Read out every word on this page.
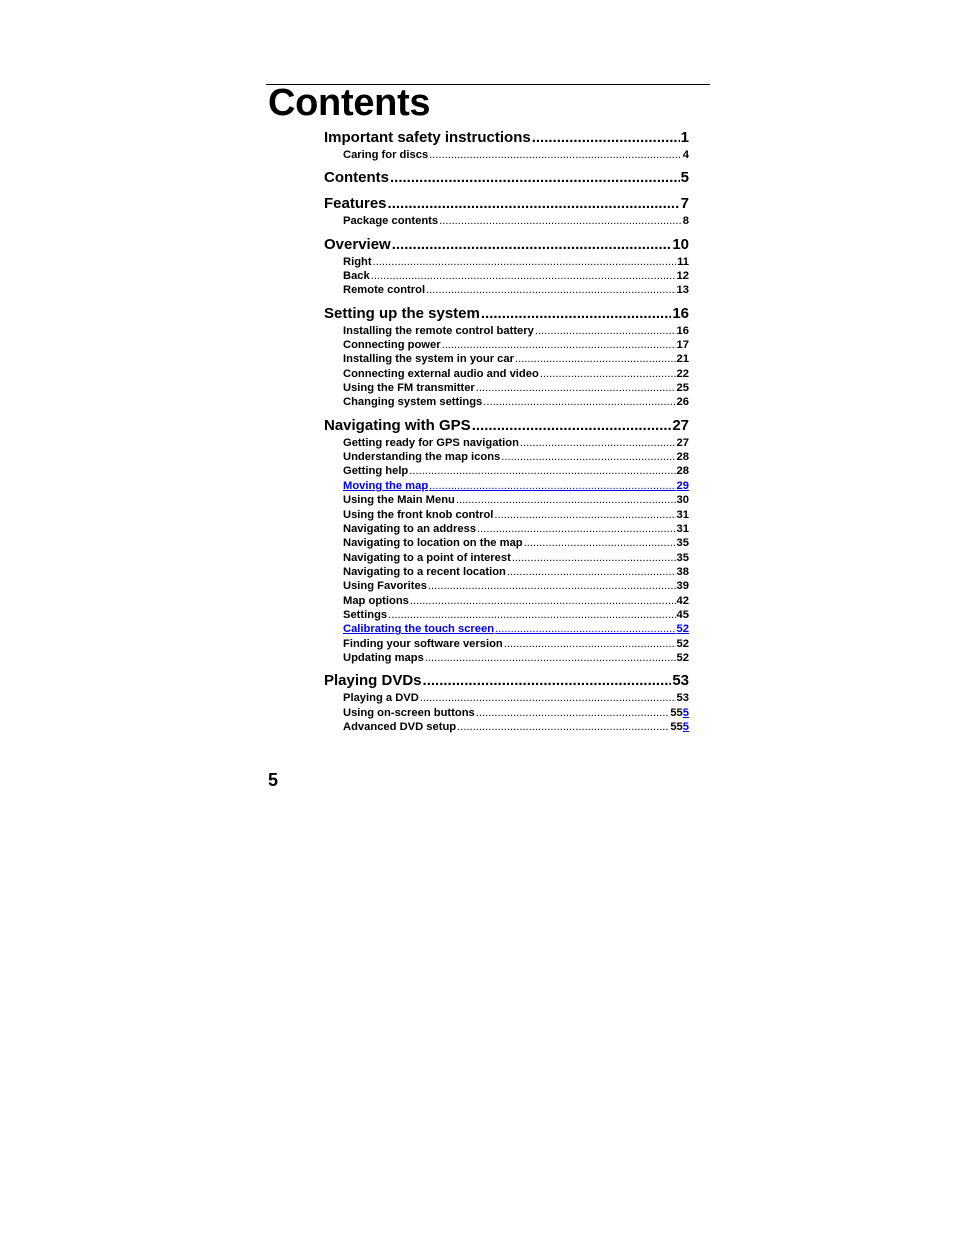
Contents
Important safety instructions .....	1
Caring for discs .....	4
Contents .....	5
Features .....	7
Package contents .....	8
Overview .....	10
Right .....	11
Back .....	12
Remote control .....	13
Setting up the system .....	16
Installing the remote control battery .....	16
Connecting power .....	17
Installing the system in your car .....	21
Connecting external audio and video .....	22
Using the FM transmitter .....	25
Changing system settings .....	26
Navigating with GPS .....	27
Getting ready for GPS navigation .....	27
Understanding the map icons .....	28
Getting help .....	28
Moving the map .....	29
Using the Main Menu .....	30
Using the front knob control .....	31
Navigating to an address .....	31
Navigating to location on the map .....	35
Navigating to a point of interest .....	35
Navigating to a recent location .....	38
Using Favorites .....	39
Map options .....	42
Settings .....	45
Calibrating the touch screen .....	52
Finding your software version .....	52
Updating maps .....	52
Playing DVDs .....	53
Playing a DVD .....	53
Using on-screen buttons .....	555
Advanced DVD setup .....	555
5
